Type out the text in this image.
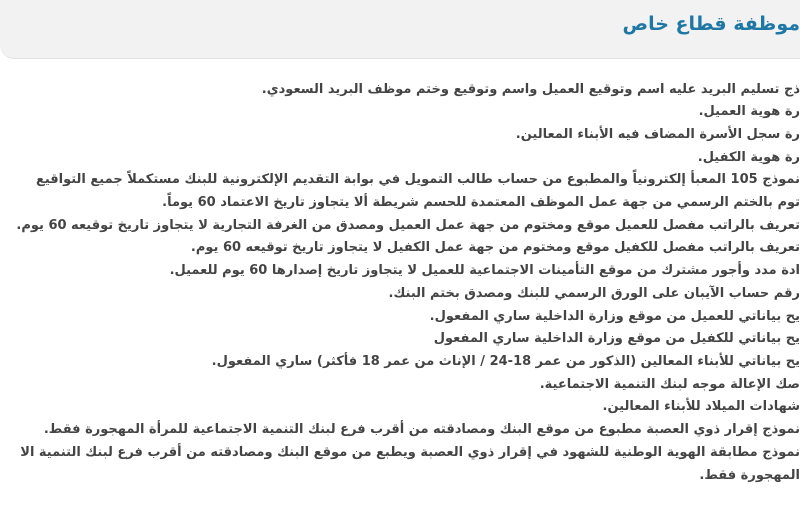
موظفة قطاع خاص
ذج تسليم البريد عليه اسم وتوقيع العميل واسم وتوقيع وختم موظف البريد السعودي.
رة هوية العميل.
رة سجل الأسرة المضاف فيه الأبناء المعالين.
رة هوية الكفيل.
نموذج 105 المعبأ إلكترونياً والمطبوع من حساب طالب التمويل في بوابة التقديم الإلكترونية للبنك مستكملاً جميع التواقيع
توم بالختم الرسمي من جهة عمل الموظف المعتمدة للحسم شريطة ألا يتجاوز تاريخ الاعتماد 60 يوماً.
تعريف بالراتب مفصل للعميل موقع ومختوم من جهة عمل العميل ومصدق من الغرفة التجارية لا يتجاوز تاريخ توقيعه 60 يوم.
تعريف بالراتب مفصل للكفيل موقع ومختوم من جهة عمل الكفيل لا يتجاوز تاريخ توقيعه 60 يوم.
ادة مدد وأجور مشترك من موقع التأمينات الاجتماعية للعميل لا يتجاوز تاريخ إصدارها 60 يوم للعميل.
رقم حساب الآيبان على الورق الرسمي للبنك ومصدق بختم البنك.
يح بياناتي للعميل من موقع وزارة الداخلية ساري المفعول.
يح بياناتي للكفيل من موقع وزارة الداخلية ساري المفعول
يح بياناتي للأبناء المعالين (الذكور من عمر 18-24 / الإناث من عمر 18 فأكثر) ساري المفعول.
صك الإعالة موجه لبنك التنمية الاجتماعية.
شهادات الميلاد للأبناء المعالين.
نموذج إقرار ذوي العصبة مطبوع من موقع البنك ومصادقته من أقرب فرع لبنك التنمية الاجتماعية للمرأة المهجورة فقط.
نموذج مطابقة الهوية الوطنية للشهود في إقرار ذوي العصبة ويطبع من موقع البنك ومصادقته من أقرب فرع لبنك التنمية الا
المهجورة فقط.
